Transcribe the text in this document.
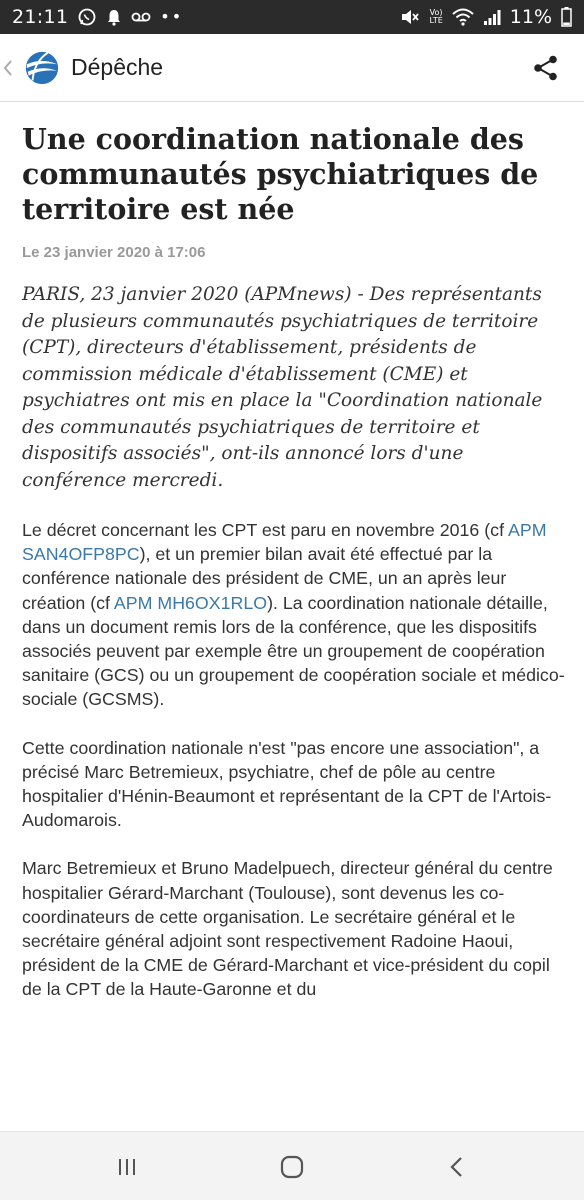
21:11	••	Vo)
LTE	11%
Dépêche
Une coordination nationale des communautés psychiatriques de territoire est née
Le 23 janvier 2020 à 17:06

PARIS, 23 janvier 2020 (APMnews) - Des représentants de plusieurs communautés psychiatriques de territoire (CPT), directeurs d'établissement, présidents de commission médicale d'établissement (CME) et psychiatres ont mis en place la "Coordination nationale des communautés psychiatriques de territoire et dispositifs associés", ont-ils annoncé lors d'une conférence mercredi.

Le décret concernant les CPT est paru en novembre 2016 (cf APM SAN4OFP8PC), et un premier bilan avait été effectué par la conférence nationale des président de CME, un an après leur création (cf APM MH6OX1RLO). La coordination nationale détaille, dans un document remis lors de la conférence, que les dispositifs associés peuvent par exemple être un groupement de coopération sanitaire (GCS) ou un groupement de coopération sociale et médico-sociale (GCSMS).

Cette coordination nationale n'est "pas encore une association", a précisé Marc Betremieux, psychiatre, chef de pôle au centre hospitalier d'Hénin-Beaumont et représentant de la CPT de l'Artois-Audomarois.

Marc Betremieux et Bruno Madelpuech, directeur général du centre hospitalier Gérard-Marchant (Toulouse), sont devenus les co-coordinateurs de cette organisation. Le secrétaire général et le secrétaire général adjoint sont respectivement Radoine Haoui, président de la CME de Gérard-Marchant et vice-président du copil de la CPT de la Haute-Garonne et du
